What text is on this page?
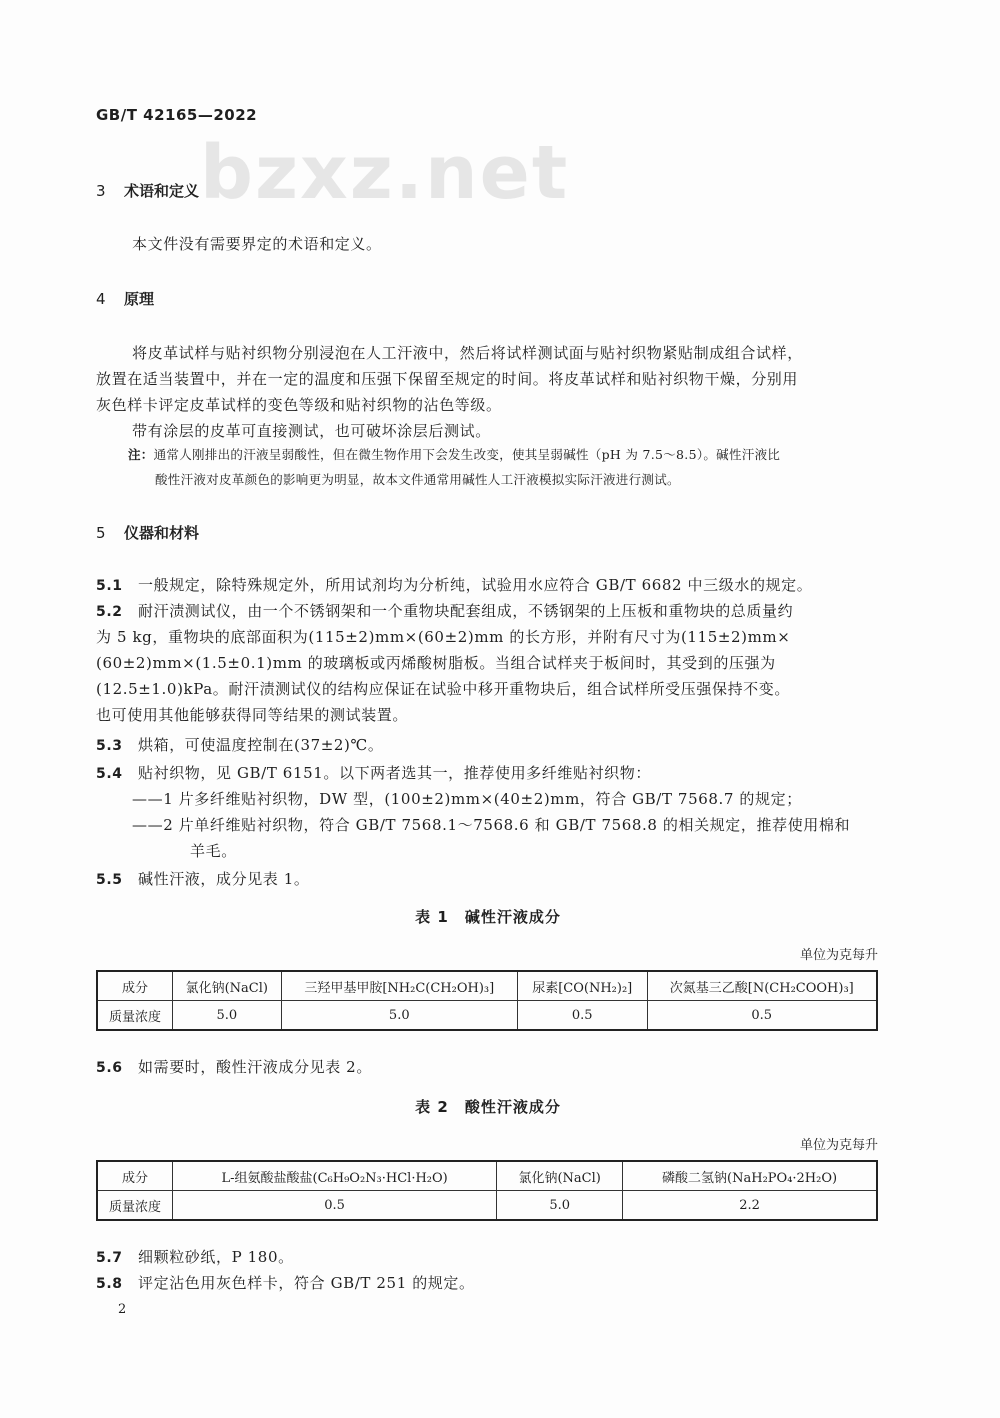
bzxz.net
GB/T 42165—2022
3 术语和定义
本文件没有需要界定的术语和定义。
4 原理
将皮革试样与贴衬织物分别浸泡在人工汗液中，然后将试样测试面与贴衬织物紧贴制成组合试样，
放置在适当装置中，并在一定的温度和压强下保留至规定的时间。将皮革试样和贴衬织物干燥，分别用
灰色样卡评定皮革试样的变色等级和贴衬织物的沾色等级。
带有涂层的皮革可直接测试，也可破坏涂层后测试。
注：通常人刚排出的汗液呈弱酸性，但在微生物作用下会发生改变，使其呈弱碱性（pH 为 7.5～8.5）。碱性汗液比
酸性汗液对皮革颜色的影响更为明显，故本文件通常用碱性人工汗液模拟实际汗液进行测试。
5 仪器和材料
5.1 一般规定，除特殊规定外，所用试剂均为分析纯，试验用水应符合 GB/T 6682 中三级水的规定。
5.2 耐汗渍测试仪，由一个不锈钢架和一个重物块配套组成，不锈钢架的上压板和重物块的总质量约
为 5 kg，重物块的底部面积为(115±2)mm×(60±2)mm 的长方形，并附有尺寸为(115±2)mm×
(60±2)mm×(1.5±0.1)mm 的玻璃板或丙烯酸树脂板。当组合试样夹于板间时，其受到的压强为
(12.5±1.0)kPa。耐汗渍测试仪的结构应保证在试验中移开重物块后，组合试样所受压强保持不变。
也可使用其他能够获得同等结果的测试装置。
5.3 烘箱，可使温度控制在(37±2)℃。
5.4 贴衬织物，见 GB/T 6151。以下两者选其一，推荐使用多纤维贴衬织物：
——1 片多纤维贴衬织物，DW 型，(100±2)mm×(40±2)mm，符合 GB/T 7568.7 的规定；
——2 片单纤维贴衬织物，符合 GB/T 7568.1～7568.6 和 GB/T 7568.8 的相关规定，推荐使用棉和
羊毛。
5.5 碱性汗液，成分见表 1。
表 1　碱性汗液成分
单位为克每升
成分	氯化钠(NaCl)	三羟甲基甲胺[NH₂C(CH₂OH)₃]	尿素[CO(NH₂)₂]	次氮基三乙酸[N(CH₂COOH)₃]
质量浓度	5.0	5.0	0.5	0.5
5.6 如需要时，酸性汗液成分见表 2。
表 2　酸性汗液成分
单位为克每升
成分	L-组氨酸盐酸盐(C₆H₉O₂N₃·HCl·H₂O)	氯化钠(NaCl)	磷酸二氢钠(NaH₂PO₄·2H₂O)
质量浓度	0.5	5.0	2.2
5.7 细颗粒砂纸，P 180。
5.8 评定沾色用灰色样卡，符合 GB/T 251 的规定。
2
